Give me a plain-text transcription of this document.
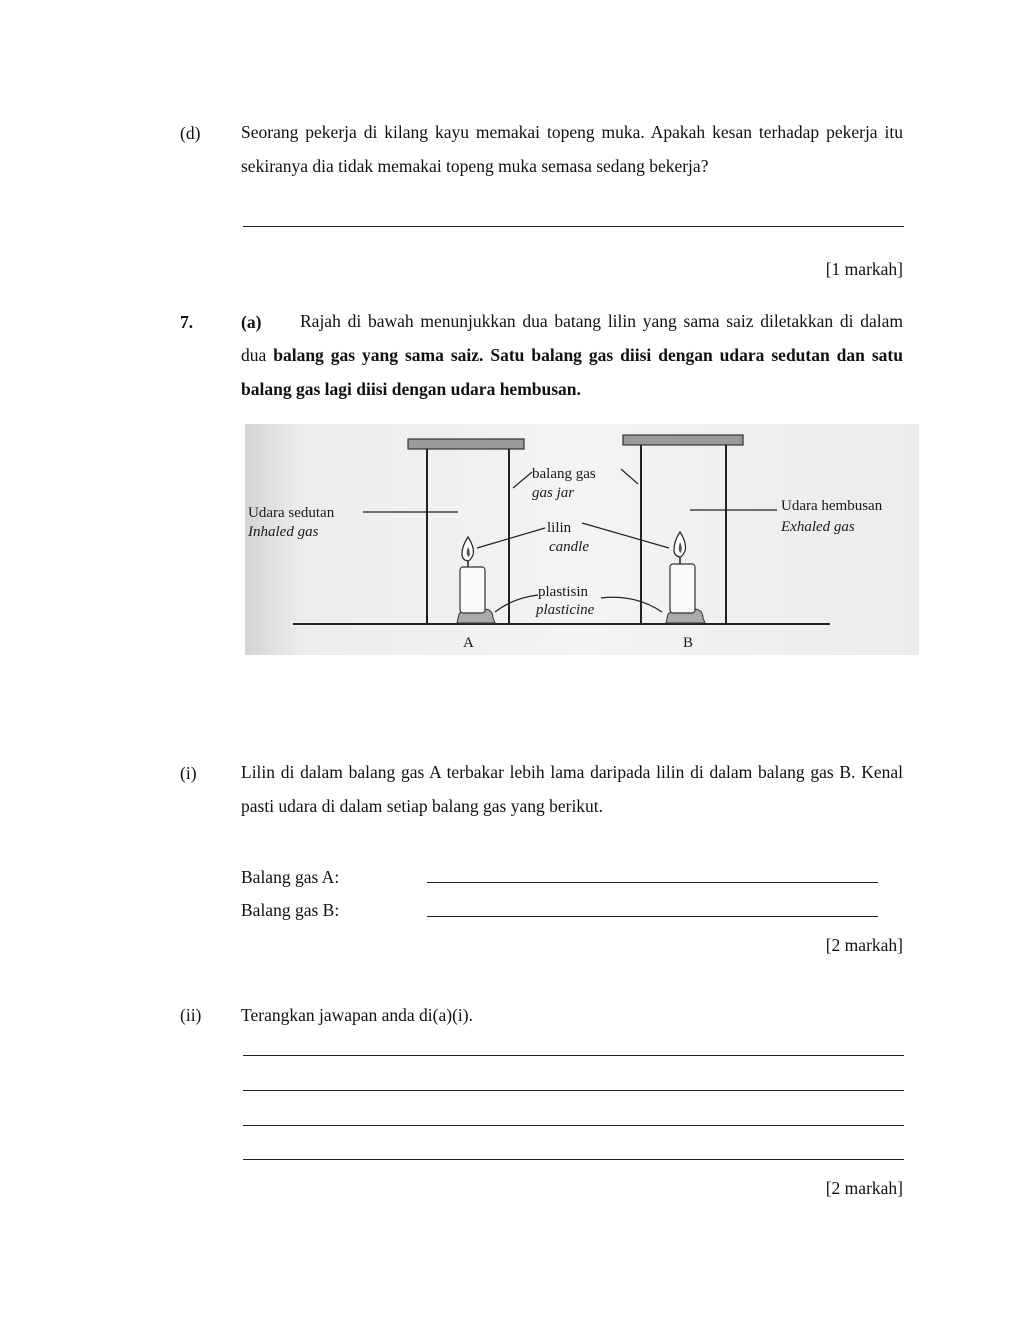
(d) Seorang pekerja di kilang kayu memakai topeng muka. Apakah kesan terhadap pekerja itu sekiranya dia tidak memakai topeng muka semasa sedang bekerja?
[1 markah]
7.	(a)	Rajah di bawah menunjukkan dua batang lilin yang sama saiz diletakkan di dalam dua balang gas yang sama saiz. Satu balang gas diisi dengan udara sedutan dan satu balang gas lagi diisi dengan udara hembusan.
balang gas
gas jar
Udara sedutan
Inhaled gas
Udara hembusan
Exhaled gas
lilin
candle
plastisin
plasticine
A	B
(i)	Lilin di dalam balang gas A terbakar lebih lama daripada lilin di dalam balang gas B. Kenal pasti udara di dalam setiap balang gas yang berikut.
Balang gas A:
Balang gas B:
[2 markah]
(ii) Terangkan jawapan anda di(a)(i).
[2 markah]
